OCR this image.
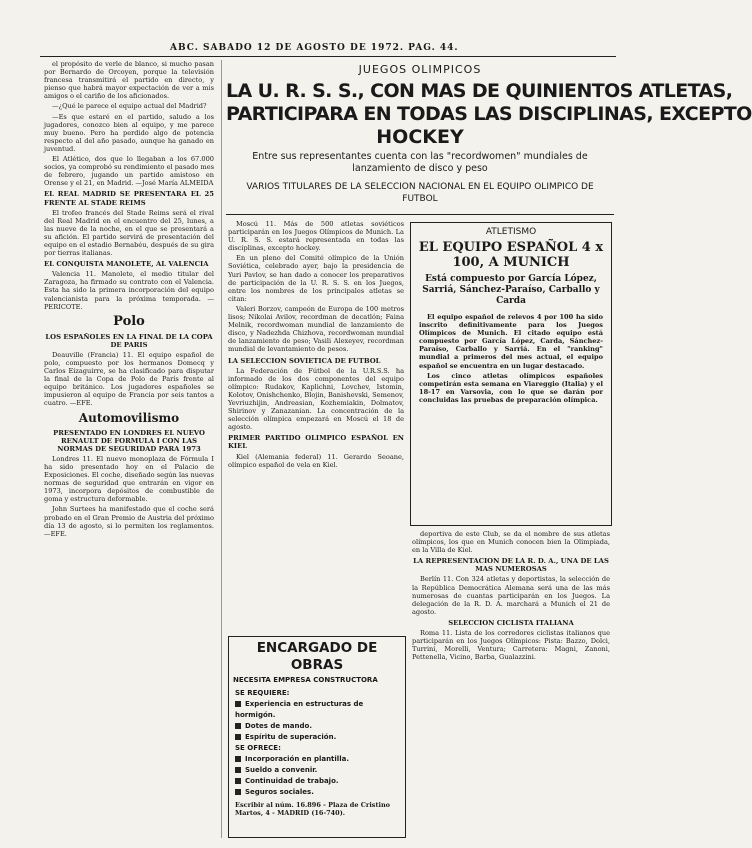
ABC. SABADO 12 DE AGOSTO DE 1972. PAG. 44.

el propósito de verle de blanco, si mucho pasan por Bernardo de Orcoyen, porque la televisión francesa transmitirá el partido en directo, y pienso que habrá mayor expectación de ver a mis amigos o el cariño de los aficionados.

—¿Qué le parece el equipo actual del Madrid?

—Es que estaré en el partido, saludo a los jugadores, conozco bien al equipo, y me parece muy bueno. Pero ha perdido algo de potencia respecto al del año pasado, aunque ha ganado en juventud.

El Atlético, dos que lo llegaban a los 67.000 socios, ya comprobó su rendimiento el pasado mes de febrero, jugando un partido amistoso en Orense y el 21, en Madrid. —José María ALMEIDA

EL REAL MADRID SE PRESENTARA EL 25 FRENTE AL STADE REIMS

El trofeo francés del Stade Reims será el rival del Real Madrid en el encuentro del 25, lunes, a las nueve de la noche, en el que se presentará a su afición. El partido servirá de presentación del equipo en el estadio Bernabéu, después de su gira por tierras italianas.

EL CONQUISTA MANOLETE, AL VALENCIA

Valencia 11. Manolete, el medio titular del Zaragoza, ha firmado su contrato con el Valencia. Esta ha sido la primera incorporación del equipo valencianista para la próxima temporada. —PERICOTE.

Polo

LOS ESPAÑOLES EN LA FINAL DE LA COPA DE PARIS

Deauville (Francia) 11. El equipo español de polo, compuesto por los hermanos Domecq y Carlos Eizaguirre, se ha clasificado para disputar la final de la Copa de Polo de París frente al equipo británico. Los jugadores españoles se impusieron al equipo de Francia por seis tantos a cuatro. —EFE.

Automovilismo

PRESENTADO EN LONDRES EL NUEVO RENAULT DE FORMULA I CON LAS NORMAS DE SEGURIDAD PARA 1973

Londres 11. El nuevo monoplaza de Fórmula I ha sido presentado hoy en el Palacio de Exposiciones. El coche, diseñado según las nuevas normas de seguridad que entrarán en vigor en 1973, incorpora depósitos de combustible de goma y estructura deformable.

John Surtees ha manifestado que el coche será probado en el Gran Premio de Austria del próximo día 13 de agosto, si lo permiten los reglamentos. —EFE.

JUEGOS OLIMPICOS
LA U. R. S. S., CON MAS DE QUINIENTOS ATLETAS,
PARTICIPARA EN TODAS LAS DISCIPLINAS, EXCEPTO
HOCKEY
Entre sus representantes cuenta con las "recordwomen" mundiales de lanzamiento de disco y peso
VARIOS TITULARES DE LA SELECCION NACIONAL EN EL EQUIPO OLIMPICO DE FUTBOL

Moscú 11. Más de 500 atletas soviéticos participarán en los Juegos Olímpicos de Munich. La U. R. S. S. estará representada en todas las disciplinas, excepto hockey.

En un pleno del Comité olímpico de la Unión Soviética, celebrado ayer, bajo la presidencia de Yuri Pavlov, se han dado a conocer los preparativos de participación de la U. R. S. S. en los Juegos, entre los nombres de los principales atletas se citan:

Valeri Borzov, campeón de Europa de 100 metros lisos; Nikolai Avilov, recordman de decatlón; Faina Melnik, recordwoman mundial de lanzamiento de disco, y Nadezhda Chizhova, recordwoman mundial de lanzamiento de peso; Vasili Alexeyev, recordman mundial de levantamiento de pesos.

LA SELECCION SOVIETICA DE FUTBOL

La Federación de Fútbol de la U.R.S.S. ha informado de los dos componentes del equipo olímpico: Rudakov, Kaplichni, Lovchev, Istomin, Kolotov, Onishchenko, Blojin, Banishevski, Semenov, Yevriuzhijin, Andreasian, Kozhemiakin, Dolmatov, Shirinov y Zanazanian. La concentración de la selección olímpica empezará en Moscú el 18 de agosto.

PRIMER PARTIDO OLIMPICO ESPAÑOL EN KIEL

Kiel (Alemania federal) 11. Gerardo Seoane, olímpico español de vela en Kiel.

ATLETISMO
EL EQUIPO ESPAÑOL 4 x 100, A MUNICH
Está compuesto por García López, Sarriá, Sánchez-Paraíso, Carballo y Carda

El equipo español de relevos 4 por 100 ha sido inscrito definitivamente para los Juegos Olímpicos de Munich. El citado equipo está compuesto por García López, Carda, Sánchez-Paraíso, Carballo y Sarriá. En el "ranking" mundial a primeros del mes actual, el equipo español se encuentra en un lugar destacado.

Los cinco atletas olímpicos españoles competirán esta semana en Viareggio (Italia) y el 18-17 en Varsovia, con lo que se darán por concluidas las pruebas de preparación olímpica.

deportiva de este Club, se da el nombre de sus atletas olímpicos, los que en Munich conocen bien la Olimpiada, en la Villa de Kiel.

LA REPRESENTACION DE LA R. D. A., UNA DE LAS MAS NUMEROSAS

Berlín 11. Con 324 atletas y deportistas, la selección de la República Democrática Alemana será una de las más numerosas de cuantas participarán en los Juegos. La delegación de la R. D. A. marchará a Munich el 21 de agosto.

SELECCION CICLISTA ITALIANA

Roma 11. Lista de los corredores ciclistas italianos que participarán en los Juegos Olímpicos: Pista: Bazzo, Dolci, Turrini, Morelli, Ventura; Carretera: Magni, Zanoni, Pettenella, Vicino, Barba, Gualazzini.

ENCARGADO DE OBRAS
NECESITA EMPRESA CONSTRUCTORA
SE REQUIERE:
Experiencia en estructuras de hormigón.
Dotes de mando.
Espíritu de superación.
SE OFRECE:
Incorporación en plantilla.
Sueldo a convenir.
Continuidad de trabajo.
Seguros sociales.
Escribir al núm. 16.896 - Plaza de Cristino Martos, 4 - MADRID (16-740).
